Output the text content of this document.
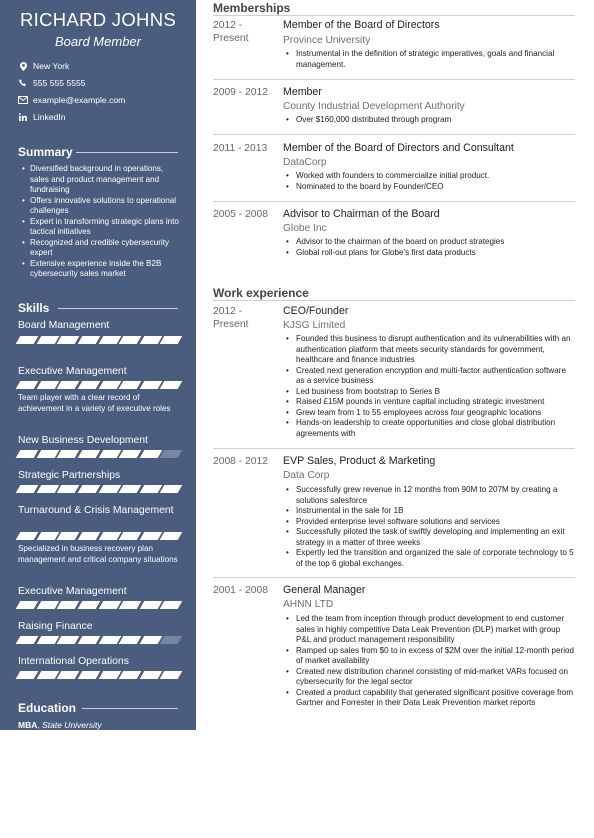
RICHARD JOHNS
Board Member
New York
555 555 5555
example@example.com
LinkedIn
Summary
• Diversified background in operations, sales and product management and fundraising
• Offers innovative solutions to operational challenges
• Expert in transforming strategic plans into tactical initiatives
• Recognized and credible cybersecurity expert
• Extensive experience inside the B2B cybersecurity sales market
Skills
Board Management
Executive Management
Team player with a clear record of achievement in a variety of executive roles
New Business Development
Strategic Partnerships
Turnaround & Crisis Management
Specialized in business recovery plan management and critical company situations
Executive Management
Raising Finance
International Operations
Education
MBA, State University
Memberships
2012 - Present
Member of the Board of Directors
Province University
• Instrumental in the definition of strategic imperatives, goals and financial management.
2009 - 2012 Member
County Industrial Development Authority
• Over $160,000 distributed through program
2011 - 2013 Member of the Board of Directors and Consultant
DataCorp
• Worked with founders to commercialize initial product.
• Nominated to the board by Founder/CEO
2005 - 2008 Advisor to Chairman of the Board
Globe Inc
• Advisor to the chairman of the board on product strategies
• Global roll-out plans for Globe's first data products
Work experience
2012 - Present
CEO/Founder
KJSG Limited
• Founded this business to disrupt authentication and its vulnerabilities with an authentication platform that meets security standards for government, healthcare and finance industries
• Created next generation encryption and multi-factor authentication software as a service business
• Led business from bootstrap to Series B
• Raised £15M pounds in venture capital including strategic investment
• Grew team from 1 to 55 employees across four geographic locations
• Hands-on leadership to create opportunities and close global distribution agreements with
2008 - 2012 EVP Sales, Product & Marketing
Data Corp
• Successfully grew revenue in 12 months from 90M to 207M by creating a solutions salesforce
• Instrumental in the sale for 1B
• Provided enterprise level software solutions and services
• Successfully piloted the task of swiftly developing and implementing an exit strategy in a matter of three weeks
• Expertly led the transition and organized the sale of corporate technology to 5 of the top 6 global exchanges.
2001 - 2008 General Manager
AHNN LTD
• Led the team from inception through product development to end customer sales in highly competitive Data Leak Prevention (DLP) market with group P&L and product management responsibility
• Ramped up sales from $0 to in excess of $2M over the initial 12-month period of market availability
• Created new distribution channel consisting of mid-market VARs focused on cybersecurity for the legal sector
• Created a product capability that generated significant positive coverage from Gartner and Forrester in their Data Leak Prevention market reports
